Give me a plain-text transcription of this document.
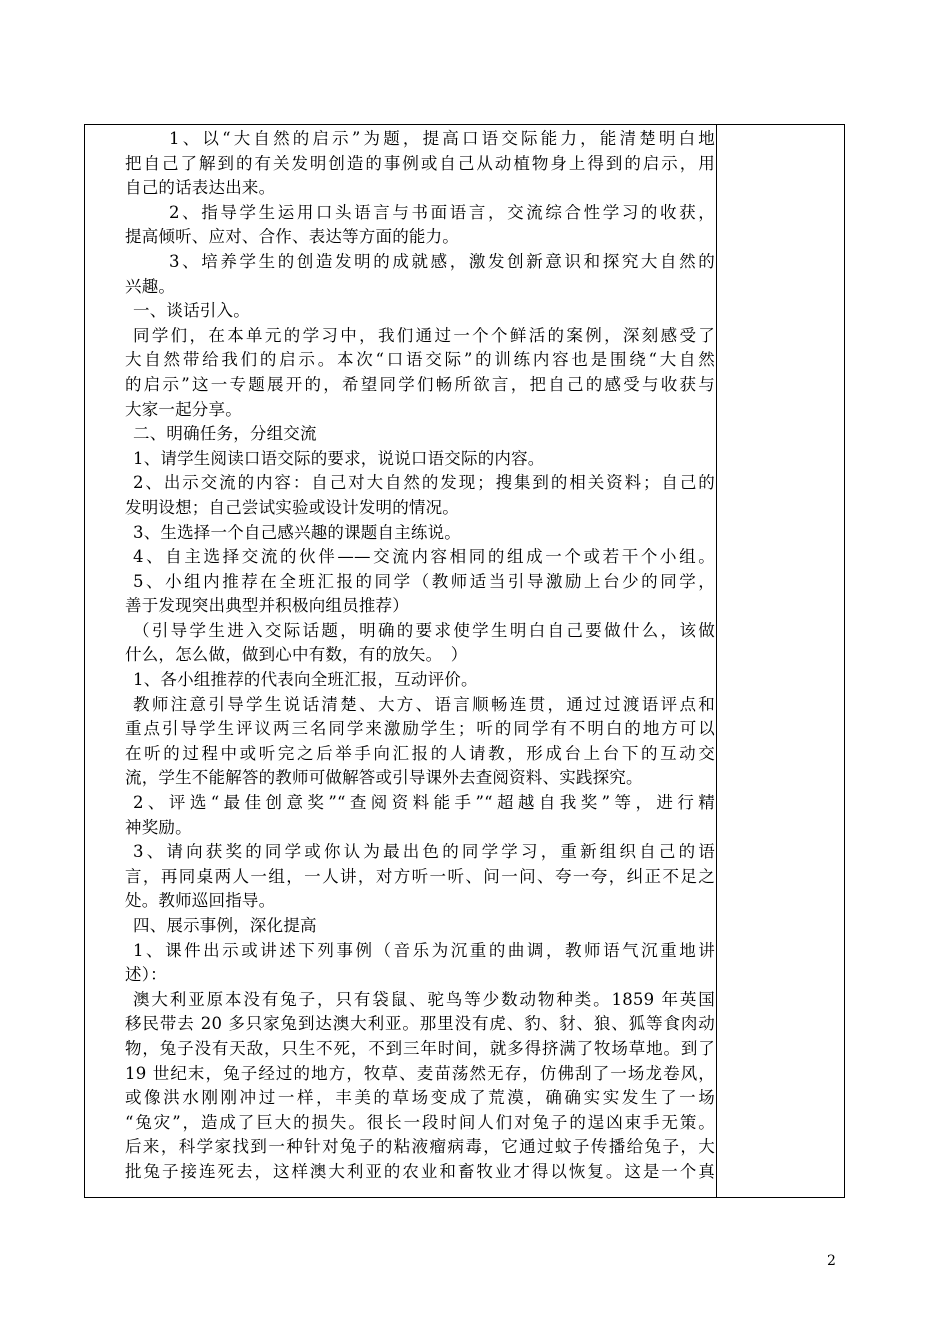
1、以“大自然的启示”为题，提高口语交际能力，能清楚明白地
把自己了解到的有关发明创造的事例或自己从动植物身上得到的启示，用
自己的话表达出来。
2、指导学生运用口头语言与书面语言，交流综合性学习的收获，
提高倾听、应对、合作、表达等方面的能力。
3、培养学生的创造发明的成就感，激发创新意识和探究大自然的
兴趣。
一、谈话引入。
同学们，在本单元的学习中，我们通过一个个鲜活的案例，深刻感受了
大自然带给我们的启示。本次“口语交际”的训练内容也是围绕“大自然
的启示”这一专题展开的，希望同学们畅所欲言，把自己的感受与收获与
大家一起分享。
二、明确任务，分组交流
1、请学生阅读口语交际的要求，说说口语交际的内容。
2、出示交流的内容：自己对大自然的发现；搜集到的相关资料；自己的
发明设想；自己尝试实验或设计发明的情况。
3、生选择一个自己感兴趣的课题自主练说。
4、自主选择交流的伙伴——交流内容相同的组成一个或若干个小组。
5、小组内推荐在全班汇报的同学（教师适当引导激励上台少的同学，
善于发现突出典型并积极向组员推荐）
（引导学生进入交际话题，明确的要求使学生明白自己要做什么，该做
什么，怎么做，做到心中有数，有的放矢。　）
1、各小组推荐的代表向全班汇报，互动评价。
教师注意引导学生说话清楚、大方、语言顺畅连贯，通过过渡语评点和
重点引导学生评议两三名同学来激励学生；听的同学有不明白的地方可以
在听的过程中或听完之后举手向汇报的人请教，形成台上台下的互动交
流，学生不能解答的教师可做解答或引导课外去查阅资料、实践探究。
2、评选“最佳创意奖”“查阅资料能手”“超越自我奖”等，进行精
神奖励。
3、请向获奖的同学或你认为最出色的同学学习，重新组织自己的语
言，再同桌两人一组，一人讲，对方听一听、问一问、夸一夸，纠正不足之
处。教师巡回指导。
四、展示事例，深化提高
1、课件出示或讲述下列事例（音乐为沉重的曲调，教师语气沉重地讲
述）：
澳大利亚原本没有兔子，只有袋鼠、驼鸟等少数动物种类。1859 年英国
移民带去 20 多只家兔到达澳大利亚。那里没有虎、豹、豺、狼、狐等食肉动
物，兔子没有天敌，只生不死，不到三年时间，就多得挤满了牧场草地。到了
19 世纪末，兔子经过的地方，牧草、麦苗荡然无存，仿佛刮了一场龙卷风，
或像洪水刚刚冲过一样，丰美的草场变成了荒漠，确确实实发生了一场
“兔灾”，造成了巨大的损失。很长一段时间人们对兔子的逞凶束手无策。
后来，科学家找到一种针对兔子的粘液瘤病毒，它通过蚊子传播给兔子，大
批兔子接连死去，这样澳大利亚的农业和畜牧业才得以恢复。这是一个真
2
